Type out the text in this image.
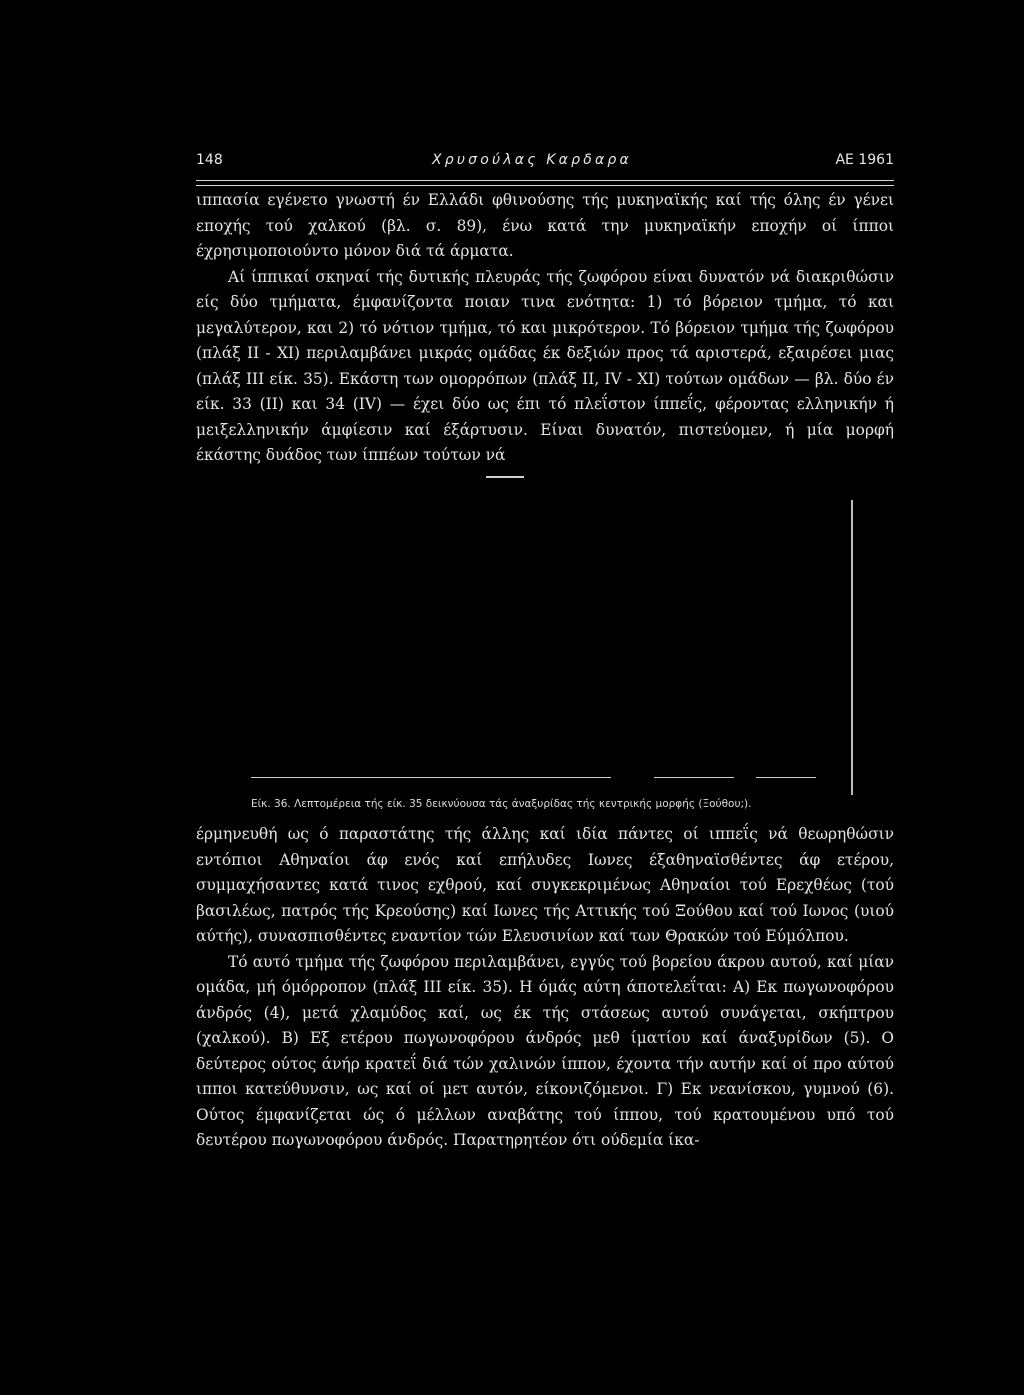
148	Χρυσούλας Καρδαρα	ΑΕ 1961

ιππασία εγένετο γνωστή έν Ελλάδι φθινούσης τής μυκηναϊκής καί τής όλης έν γένει εποχής τού χαλκού (βλ. σ. 89), ένω κατά την μυκηναϊκήν εποχήν οί ίπποι έχρησιμοποιούντο μόνον διά τά άρματα.

Αί ίππικαί σκηναί τής δυτικής πλευράς τής ζωφόρου είναι δυνατόν νά διακριθώσιν είς δύο τμήματα, έμφανίζοντα ποιαν τινα ενότητα: 1) τό βόρειον τμήμα, τό και μεγαλύτερον, και 2) τό νότιον τμήμα, τό και μικρότερον. Τό βόρειον τμήμα τής ζωφόρου (πλάξ ΙΙ - ΧΙ) περιλαμβάνει μικράς ομάδας έκ δεξιών προς τά αριστερά, εξαιρέσει μιας (πλάξ ΙΙΙ είκ. 35). Εκάστη των ομορρόπων (πλάξ ΙΙ, ΙV - ΧΙ) τούτων ομάδων — βλ. δύο έν είκ. 33 (ΙΙ) και 34 (ΙV) — έχει δύο ως έπι τό πλεΐστον ίππεΐς, φέροντας ελληνικήν ή μειξελληνικήν άμφίεσιν καί έξάρτυσιν. Είναι δυνατόν, πιστεύομεν, ή μία μορφή έκάστης δυάδος των ίππέων τούτων νά

Είκ. 36. Λεπτομέρεια τής είκ. 35 δεικνύουσα τάς άναξυρίδας τής κεντρικής μορφής (Ξούθου;).

έρμηνευθή ως ό παραστάτης τής άλλης καί ιδία πάντες οί ιππεΐς νά θεωρηθώσιν εντόπιοι Αθηναίοι άφ ενός καί επήλυδες Ιωνες έξαθηναϊσθέντες άφ ετέρου, συμμαχήσαντες κατά τινος εχθρού, καί συγκεκριμένως Αθηναίοι τού Ερεχθέως (τού βασιλέως, πατρός τής Κρεούσης) καί Ιωνες τής Αττικής τού Ξούθου καί τού Ιωνος (υιού αύτής), συνασπισθέντες εναντίον τών Ελευσινίων καί των Θρακών τού Εύμόλπου.

Τό αυτό τμήμα τής ζωφόρου περιλαμβάνει, εγγύς τού βορείου άκρου αυτού, καί μίαν ομάδα, μή όμόρροπον (πλάξ ΙΙΙ είκ. 35). Η όμάς αύτη άποτελεΐται: Α) Εκ πωγωνοφόρου άνδρός (4), μετά χλαμύδος καί, ως έκ τής στάσεως αυτού συνάγεται, σκήπτρου (χαλκού). Β) Εξ ετέρου πωγωνοφόρου άνδρός μεθ ίματίου καί άναξυρίδων (5). Ο δεύτερος ούτος άνήρ κρατεΐ διά τών χαλινών ίππον, έχοντα τήν αυτήν καί οί προ αύτού ιπποι κατεύθυνσιν, ως καί οί μετ αυτόν, είκονιζόμενοι. Γ) Εκ νεανίσκου, γυμνού (6). Ούτος έμφανίζεται ώς ό μέλλων αναβάτης τού ίππου, τού κρατουμένου υπό τού δευτέρου πωγωνοφόρου άνδρός. Παρατηρητέον ότι ούδεμία ίκα-
